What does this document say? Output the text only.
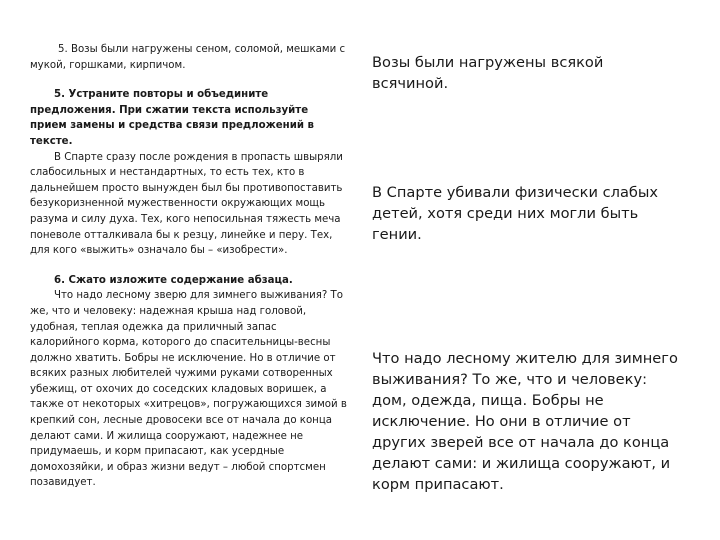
5. Возы были нагружены сеном, соломой, мешками с мукой, горшками, кирпичом.

5. Устраните повторы и объедините предложения. При сжатии текста используйте прием замены и средства связи предложений в тексте.

В Спарте сразу после рождения в пропасть швыряли слабосильных и нестандартных, то есть тех, кто в дальнейшем просто вынужден был бы противопоставить безукоризненной мужественности окружающих мощь разума и силу духа. Тех, кого непосильная тяжесть меча поневоле отталкивала бы к резцу, линейке и перу. Тех, для кого «выжить» означало бы – «изобрести».

6. Сжато изложите содержание абзаца.

Что надо лесному зверю для зимнего выживания? То же, что и человеку: надежная крыша над головой, удобная, теплая одежка да приличный запас калорийного корма, которого до спасительницы-весны должно хватить. Бобры не исключение. Но в отличие от всяких разных любителей чужими руками сотворенных убежищ, от охочих до соседских кладовых воришек, а также от некоторых «хитрецов», погружающихся зимой в крепкий сон, лесные дровосеки все от начала до конца делают сами. И жилища сооружают, надежнее не придумаешь, и корм припасают, как усердные домохозяйки, и образ жизни ведут – любой спортсмен позавидует.

Возы были нагружены всякой всячиной.

В Спарте убивали физически слабых детей, хотя среди них могли быть гении.

Что надо лесному жителю для зимнего выживания? То же, что и человеку: дом, одежда, пища. Бобры не исключение. Но они в отличие от других зверей все от начала до конца делают сами: и жилища сооружают, и корм припасают.
